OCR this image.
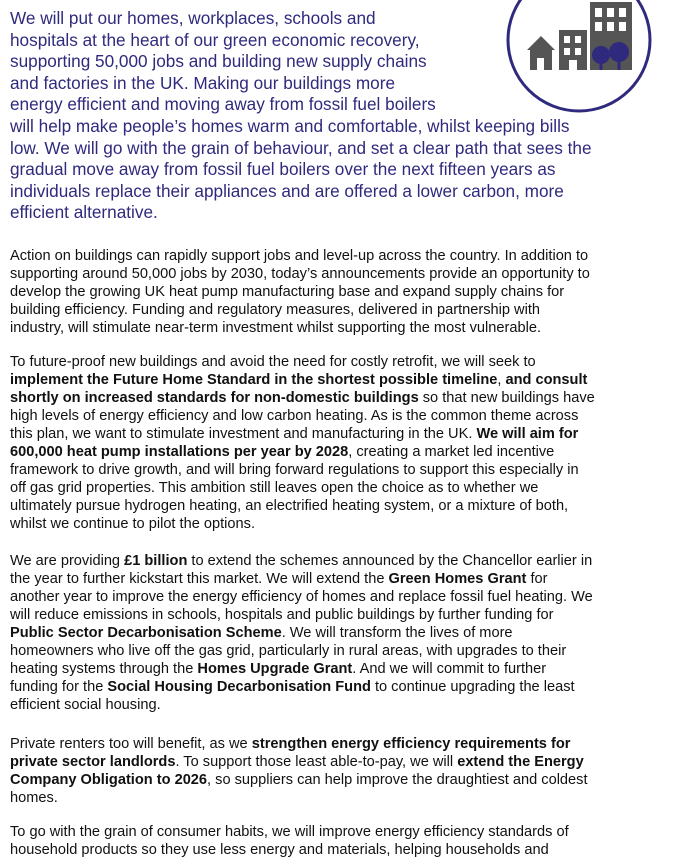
We will put our homes, workplaces, schools and
hospitals at the heart of our green economic recovery,
supporting 50,000 jobs and building new supply chains
and factories in the UK. Making our buildings more
energy efficient and moving away from fossil fuel boilers
will help make people’s homes warm and comfortable, whilst keeping bills
low. We will go with the grain of behaviour, and set a clear path that sees the
gradual move away from fossil fuel boilers over the next fifteen years as
individuals replace their appliances and are offered a lower carbon, more
efficient alternative.
Action on buildings can rapidly support jobs and level-up across the country. In addition to
supporting around 50,000 jobs by 2030, today’s announcements provide an opportunity to
develop the growing UK heat pump manufacturing base and expand supply chains for
building efficiency. Funding and regulatory measures, delivered in partnership with
industry, will stimulate near-term investment whilst supporting the most vulnerable.
To future-proof new buildings and avoid the need for costly retrofit, we will seek to
implement the Future Home Standard in the shortest possible timeline, and consult
shortly on increased standards for non-domestic buildings so that new buildings have
high levels of energy efficiency and low carbon heating. As is the common theme across
this plan, we want to stimulate investment and manufacturing in the UK. We will aim for
600,000 heat pump installations per year by 2028, creating a market led incentive
framework to drive growth, and will bring forward regulations to support this especially in
off gas grid properties. This ambition still leaves open the choice as to whether we
ultimately pursue hydrogen heating, an electrified heating system, or a mixture of both,
whilst we continue to pilot the options.
We are providing £1 billion to extend the schemes announced by the Chancellor earlier in
the year to further kickstart this market. We will extend the Green Homes Grant for
another year to improve the energy efficiency of homes and replace fossil fuel heating. We
will reduce emissions in schools, hospitals and public buildings by further funding for
Public Sector Decarbonisation Scheme. We will transform the lives of more
homeowners who live off the gas grid, particularly in rural areas, with upgrades to their
heating systems through the Homes Upgrade Grant. And we will commit to further
funding for the Social Housing Decarbonisation Fund to continue upgrading the least
efficient social housing.
Private renters too will benefit, as we strengthen energy efficiency requirements for
private sector landlords. To support those least able-to-pay, we will extend the Energy
Company Obligation to 2026, so suppliers can help improve the draughtiest and coldest
homes.
To go with the grain of consumer habits, we will improve energy efficiency standards of
household products so they use less energy and materials, helping households and
